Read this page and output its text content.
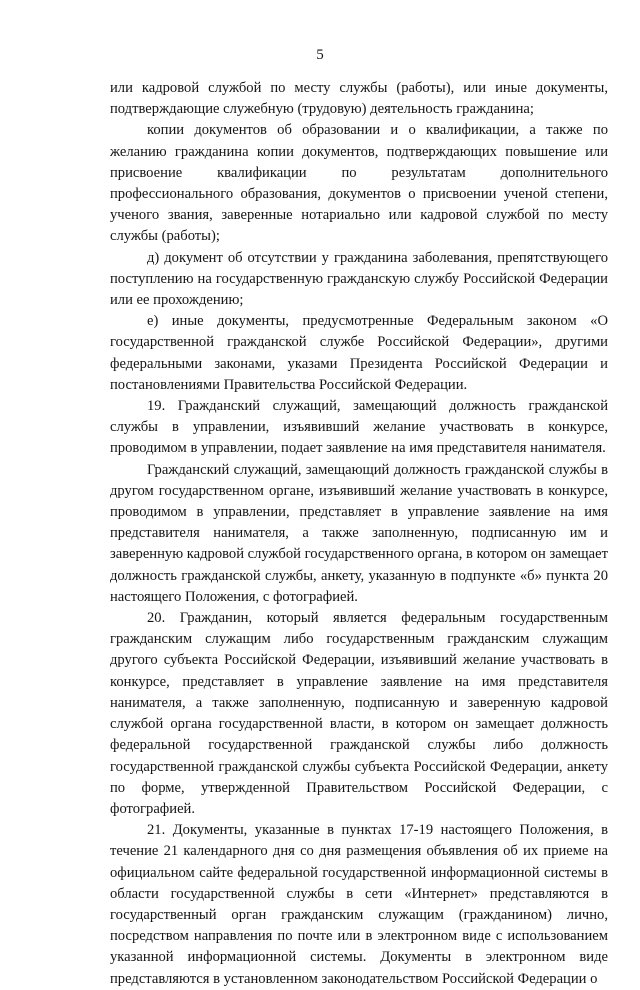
5

или кадровой службой по месту службы (работы), или иные документы, подтверждающие служебную (трудовую) деятельность гражданина;

копии документов об образовании и о квалификации, а также по желанию гражданина копии документов, подтверждающих повышение или присвоение квалификации по результатам дополнительного профессионального образования, документов о присвоении ученой степени, ученого звания, заверенные нотариально или кадровой службой по месту службы (работы);

д) документ об отсутствии у гражданина заболевания, препятствующего поступлению на государственную гражданскую службу Российской Федерации или ее прохождению;

е) иные документы, предусмотренные Федеральным законом «О государственной гражданской службе Российской Федерации», другими федеральными законами, указами Президента Российской Федерации и постановлениями Правительства Российской Федерации.

19. Гражданский служащий, замещающий должность гражданской службы в управлении, изъявивший желание участвовать в конкурсе, проводимом в управлении, подает заявление на имя представителя нанимателя.

Гражданский служащий, замещающий должность гражданской службы в другом государственном органе, изъявивший желание участвовать в конкурсе, проводимом в управлении, представляет в управление заявление на имя представителя нанимателя, а также заполненную, подписанную им и заверенную кадровой службой государственного органа, в котором он замещает должность гражданской службы, анкету, указанную в подпункте «б» пункта 20 настоящего Положения, с фотографией.

20. Гражданин, который является федеральным государственным гражданским служащим либо государственным гражданским служащим другого субъекта Российской Федерации, изъявивший желание участвовать в конкурсе, представляет в управление заявление на имя представителя нанимателя, а также заполненную, подписанную и заверенную кадровой службой органа государственной власти, в котором он замещает должность федеральной государственной гражданской службы либо должность государственной гражданской службы субъекта Российской Федерации, анкету по форме, утвержденной Правительством Российской Федерации, с фотографией.

21. Документы, указанные в пунктах 17-19 настоящего Положения, в течение 21 календарного дня со дня размещения объявления об их приеме на официальном сайте федеральной государственной информационной системы в области государственной службы в сети «Интернет» представляются в государственный орган гражданским служащим (гражданином) лично, посредством направления по почте или в электронном виде с использованием указанной информационной системы. Документы в электронном виде представляются в установленном законодательством Российской Федерации о
